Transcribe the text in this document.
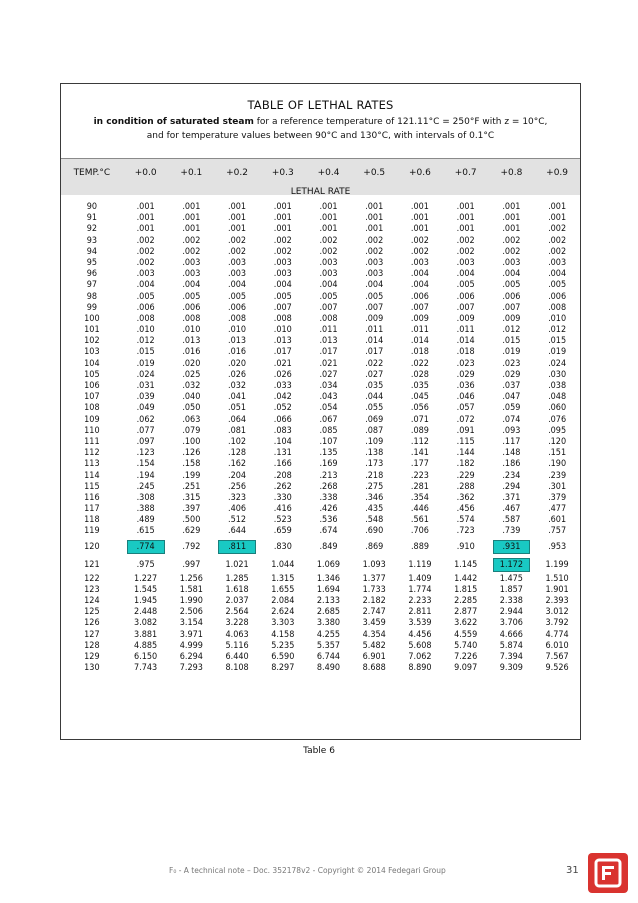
TABLE OF LETHAL RATES
in condition of saturated steam for a reference temperature of 121.11°C = 250°F with z = 10°C,
and for temperature values between 90°C and 130°C, with intervals of 0.1°C
TEMP.°C	+0.0	+0.1	+0.2	+0.3	+0.4	+0.5	+0.6	+0.7	+0.8	+0.9
LETHAL RATE
90	.001	.001	.001	.001	.001	.001	.001	.001	.001	.001
91	.001	.001	.001	.001	.001	.001	.001	.001	.001	.001
92	.001	.001	.001	.001	.001	.001	.001	.001	.001	.002
93	.002	.002	.002	.002	.002	.002	.002	.002	.002	.002
94	.002	.002	.002	.002	.002	.002	.002	.002	.002	.002
95	.002	.003	.003	.003	.003	.003	.003	.003	.003	.003
96	.003	.003	.003	.003	.003	.003	.004	.004	.004	.004
97	.004	.004	.004	.004	.004	.004	.004	.005	.005	.005
98	.005	.005	.005	.005	.005	.005	.006	.006	.006	.006
99	.006	.006	.006	.007	.007	.007	.007	.007	.007	.008
100	.008	.008	.008	.008	.008	.009	.009	.009	.009	.010
101	.010	.010	.010	.010	.011	.011	.011	.011	.012	.012
102	.012	.013	.013	.013	.013	.014	.014	.014	.015	.015
103	.015	.016	.016	.017	.017	.017	.018	.018	.019	.019
104	.019	.020	.020	.021	.021	.022	.022	.023	.023	.024
105	.024	.025	.026	.026	.027	.027	.028	.029	.029	.030
106	.031	.032	.032	.033	.034	.035	.035	.036	.037	.038
107	.039	.040	.041	.042	.043	.044	.045	.046	.047	.048
108	.049	.050	.051	.052	.054	.055	.056	.057	.059	.060
109	.062	.063	.064	.066	.067	.069	.071	.072	.074	.076
110	.077	.079	.081	.083	.085	.087	.089	.091	.093	.095
111	.097	.100	.102	.104	.107	.109	.112	.115	.117	.120
112	.123	.126	.128	.131	.135	.138	.141	.144	.148	.151
113	.154	.158	.162	.166	.169	.173	.177	.182	.186	.190
114	.194	.199	.204	.208	.213	.218	.223	.229	.234	.239
115	.245	.251	.256	.262	.268	.275	.281	.288	.294	.301
116	.308	.315	.323	.330	.338	.346	.354	.362	.371	.379
117	.388	.397	.406	.416	.426	.435	.446	.456	.467	.477
118	.489	.500	.512	.523	.536	.548	.561	.574	.587	.601
119	.615	.629	.644	.659	.674	.690	.706	.723	.739	.757
120	.774	.792	.811	.830	.849	.869	.889	.910	.931	.953
121	.975	.997	1.021	1.044	1.069	1.093	1.119	1.145	1.172	1.199
122	1.227	1.256	1.285	1.315	1.346	1.377	1.409	1.442	1.475	1.510
123	1.545	1.581	1.618	1.655	1.694	1.733	1.774	1.815	1.857	1.901
124	1.945	1.990	2.037	2.084	2.133	2.182	2.233	2.285	2.338	2.393
125	2.448	2.506	2.564	2.624	2.685	2.747	2.811	2.877	2.944	3.012
126	3.082	3.154	3.228	3.303	3.380	3.459	3.539	3.622	3.706	3.792
127	3.881	3.971	4.063	4.158	4.255	4.354	4.456	4.559	4.666	4.774
128	4.885	4.999	5.116	5.235	5.357	5.482	5.608	5.740	5.874	6.010
129	6.150	6.294	6.440	6.590	6.744	6.901	7.062	7.226	7.394	7.567
130	7.743	7.293	8.108	8.297	8.490	8.688	8.890	9.097	9.309	9.526
Table 6
F₀ - A technical note – Doc. 352178v2 - Copyright © 2014 Fedegari Group	31
